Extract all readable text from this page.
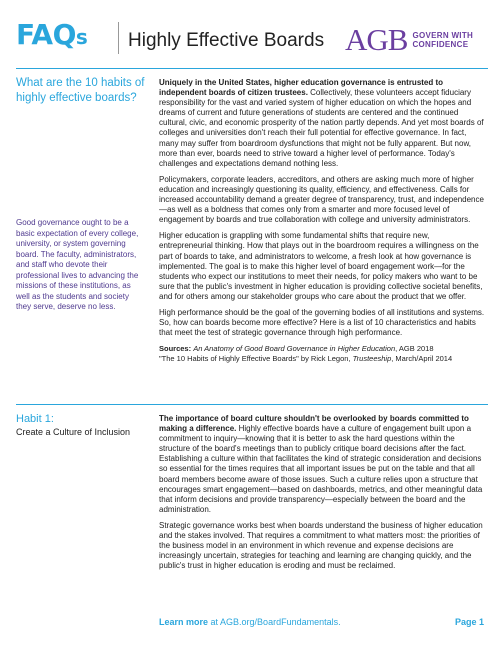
FAQs Highly Effective Boards AGB GOVERN WITH
CONFIDENCE
What are the 10 habits of highly effective boards?
Good governance ought to be a basic expectation of every college, university, or system governing board. The faculty, administrators, and staff who devote their professional lives to advancing the missions of these institutions, as well as the students and society they serve, deserve no less.

Uniquely in the United States, higher education governance is entrusted to independent boards of citizen trustees. Collectively, these volunteers accept fiduciary responsibility for the vast and varied system of higher education on which the hopes and dreams of current and future generations of students are centered and the continued cultural, civic, and economic prosperity of the nation partly depends. And yet most boards of colleges and universities don't reach their full potential for effective governance. In fact, many may suffer from boardroom dysfunctions that might not be fully apparent. But now, more than ever, boards need to strive toward a higher level of performance. Today's challenges and expectations demand nothing less.

Policymakers, corporate leaders, accreditors, and others are asking much more of higher education and increasingly questioning its quality, efficiency, and effectiveness. Calls for increased accountability demand a greater degree of transparency, trust, and independence—as well as a boldness that comes only from a smarter and more focused level of engagement by boards and true collaboration with college and university administrators.

Higher education is grappling with some fundamental shifts that require new, entrepreneurial thinking. How that plays out in the boardroom requires a willingness on the part of boards to take, and administrators to welcome, a fresh look at how governance is implemented. The goal is to make this higher level of board engagement work—for the students who expect our institutions to meet their needs, for policy makers who want to be sure that the public's investment in higher education is providing collective societal benefits, and for others among our stakeholder groups who care about the product that we offer.

High performance should be the goal of the governing bodies of all institutions and systems. So, how can boards become more effective? Here is a list of 10 characteristics and habits that meet the test of strategic governance through high performance.

Sources: An Anatomy of Good Board Governance in Higher Education, AGB 2018
"The 10 Habits of Highly Effective Boards" by Rick Legon, Trusteeship, March/April 2014
Habit 1:
Create a Culture of Inclusion

The importance of board culture shouldn't be overlooked by boards committed to making a difference. Highly effective boards have a culture of engagement built upon a commitment to inquiry—knowing that it is better to ask the hard questions within the structure of the board's meetings than to publicly critique board decisions after the fact. Establishing a culture within that facilitates the kind of strategic consideration and decisions so essential for the times requires that all important issues be put on the table and that all board members become aware of those issues. Such a culture relies upon a structure that encourages smart engagement—based on dashboards, metrics, and other meaningful data that inform decisions and provide transparency—especially between the board and the administration.

Strategic governance works best when boards understand the business of higher education and the stakes involved. That requires a commitment to what matters most: the priorities of the business model in an environment in which revenue and expense decisions are increasingly uncertain, strategies for teaching and learning are changing quickly, and the public's trust in higher education is eroding and must be reclaimed.

Learn more at AGB.org/BoardFundamentals.	Page 1
